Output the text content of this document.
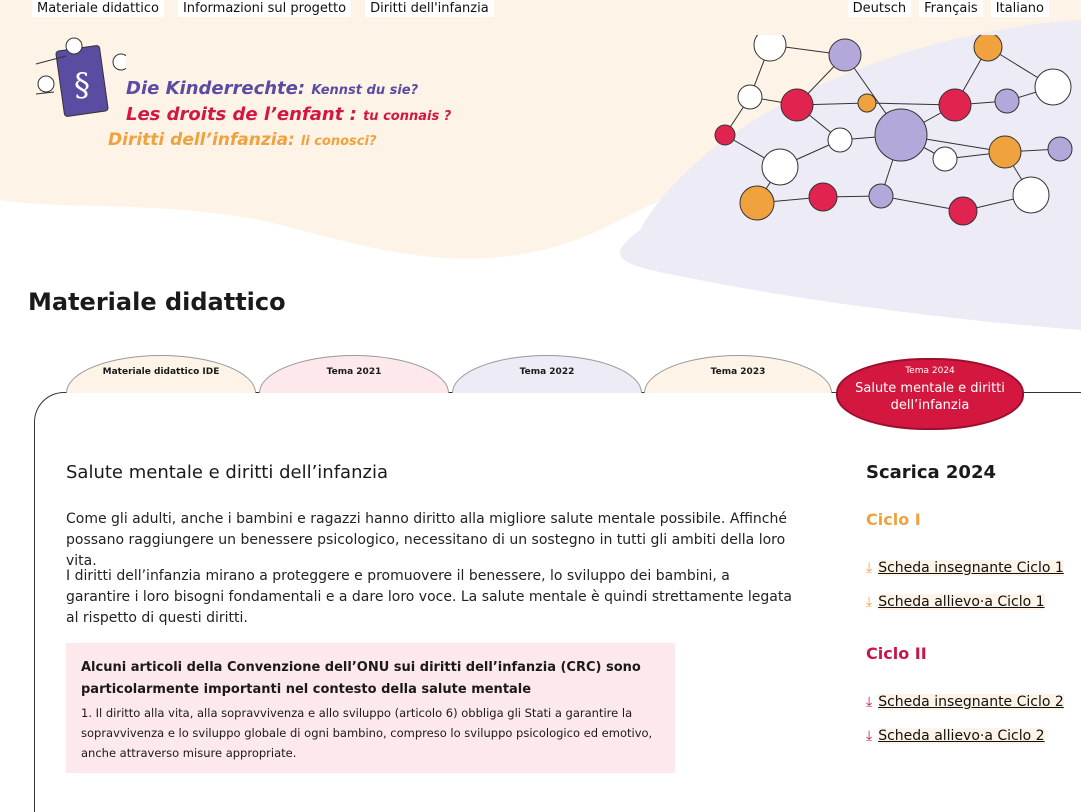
Materiale didattico Informazioni sul progetto Diritti dell'infanzia	Deutsch Français Italiano
§ Die Kinderrechte: Kennst du sie?
Les droits de l’enfant : tu connais ?
Diritti dell’infanzia: li conosci?
Materiale didattico
Materiale didattico IDE	Tema 2021	Tema 2022	Tema 2023	Tema 2024
Salute mentale e diritti dell’infanzia
Salute mentale e diritti dell’infanzia
Come gli adulti, anche i bambini e ragazzi hanno diritto alla migliore salute mentale possibile. Affinché possano raggiungere un benessere psicologico, necessitano di un sostegno in tutti gli ambiti della loro vita.
I diritti dell’infanzia mirano a proteggere e promuovere il benessere, lo sviluppo dei bambini, a garantire i loro bisogni fondamentali e a dare loro voce. La salute mentale è quindi strettamente legata al rispetto di questi diritti.
Alcuni articoli della Convenzione dell’ONU sui diritti dell’infanzia (CRC) sono particolarmente importanti nel contesto della salute mentale
1. Il diritto alla vita, alla sopravvivenza e allo sviluppo (articolo 6) obbliga gli Stati a garantire la sopravvivenza e lo sviluppo globale di ogni bambino, compreso lo sviluppo psicologico ed emotivo, anche attraverso misure appropriate.
Scarica 2024
Ciclo I
⤓ Scheda insegnante Ciclo 1
⤓ Scheda allievo·a Ciclo 1
Ciclo II
⤓ Scheda insegnante Ciclo 2
⤓ Scheda allievo·a Ciclo 2
